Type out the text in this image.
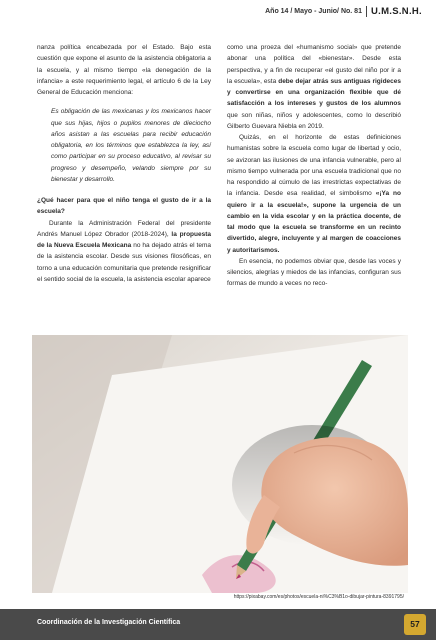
Año 14 / Mayo - Junio/ No. 81 U.M.S.N.H.

nanza política encabezada por el Estado. Bajo esta cuestión que expone el asunto de la asistencia obligatoria a la escuela, y al mismo tiempo «la denegación de la infancia» a este requerimiento legal, el artículo 6 de la Ley General de Educación menciona:

Es obligación de las mexicanas y los mexicanos hacer que sus hijas, hijos o pupilos menores de dieciocho años asistan a las escuelas para recibir educación obligatoria, en los términos que establezca la ley, así como participar en su proceso educativo, al revisar su progreso y desempeño, velando siempre por su bienestar y desarrollo.

¿Qué hacer para que el niño tenga el gusto de ir a la escuela?

Durante la Administración Federal del presidente Andrés Manuel López Obrador (2018-2024), la propuesta de la Nueva Escuela Mexicana no ha dejado atrás el tema de la asistencia escolar. Desde sus visiones filosóficas, en torno a una educación comunitaria que pretende resignificar el sentido social de la escuela, la asistencia escolar aparece

como una proeza del «humanismo social» que pretende abonar una política del «bienestar». Desde esta perspectiva, y a fin de recuperar «el gusto del niño por ir a la escuela», esta debe dejar atrás sus antiguas rigideces y convertirse en una organización flexible que dé satisfacción a los intereses y gustos de los alumnos que son niñas, niños y adolescentes, como lo describió Gilberto Guevara Niebla en 2019.

Quizás, en el horizonte de estas definiciones humanistas sobre la escuela como lugar de libertad y ocio, se avizoran las ilusiones de una infancia vulnerable, pero al mismo tiempo vulnerada por una escuela tradicional que no ha respondido al cúmulo de las irrestrictas expectativas de la infancia. Desde esa realidad, el simbolismo «¡Ya no quiero ir a la escuela!», supone la urgencia de un cambio en la vida escolar y en la práctica docente, de tal modo que la escuela se transforme en un recinto divertido, alegre, incluyente y al margen de coacciones y autoritarismos.

En esencia, no podemos obviar que, desde las voces y silencios, alegrías y miedos de las infancias, configuran sus formas de mundo a veces no reco-

https://pixabay.com/es/photos/escuela-ni%C3%B1o-dibujar-pintura-8391795/
Coordinación de la Investigación Científica	57
